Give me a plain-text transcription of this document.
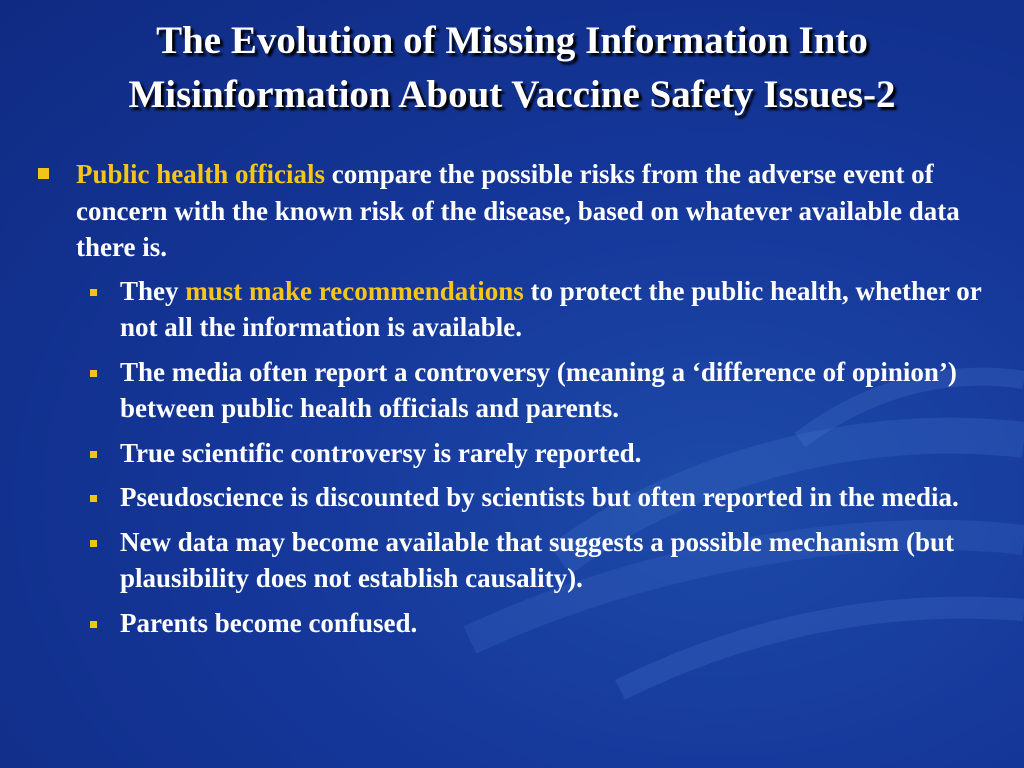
The Evolution of Missing Information Into
Misinformation About Vaccine Safety Issues-2
Public health officials compare the possible risks from the adverse event of concern with the known risk of the disease, based on whatever available data there is.
They must make recommendations to protect the public health, whether or not all the information is available.
The media often report a controversy (meaning a ‘difference of opinion’) between public health officials and parents.
True scientific controversy is rarely reported.
Pseudoscience is discounted by scientists but often reported in the media.
New data may become available that suggests a possible mechanism (but plausibility does not establish causality).
Parents become confused.
